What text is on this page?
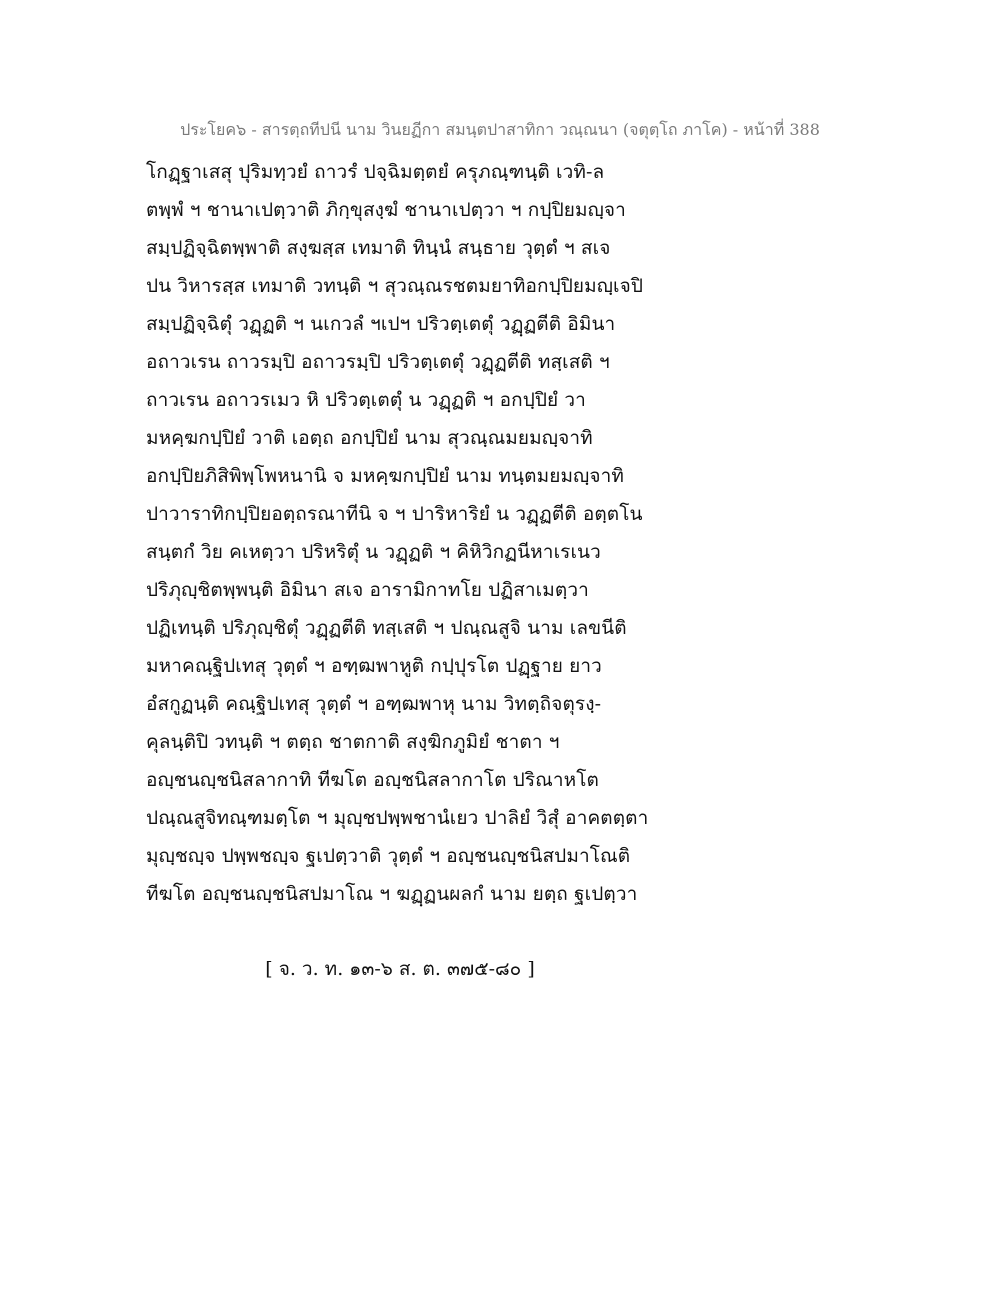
ประโยค๖ - สารตฺถทีปนี นาม วินยฏีกา สมนฺตปาสาทิกา วณฺณนา (จตุตฺโถ ภาโค) - หน้าที่ 388
โกฏฺฐาเสสุ ปุริมทฺวยํ ถาวรํ ปจฺฉิมตฺตยํ ครุภณฺฑนฺติ เวทิ-ล
ตพฺพํ ฯ ชานาเปตฺวาติ ภิกฺขุสงฺฆํ ชานาเปตฺวา ฯ กปฺปิยมญฺจา
สมฺปฏิจฺฉิตพฺพาติ สงฺฆสฺส เทมาติ ทินฺนํ สนฺธาย วุตฺตํ ฯ สเจ
ปน วิหารสฺส เทมาติ วทนฺติ ฯ สุวณฺณรชตมยาทิอกปฺปิยมญฺเจปิ
สมฺปฏิจฺฉิตุํ วฏฺฏติ ฯ นเกวลํ ฯเปฯ ปริวตฺเตตุํ วฏฺฏตีติ อิมินา
อถาวเรน ถาวรมฺปิ อถาวรมฺปิ ปริวตฺเตตุํ วฏฺฏตีติ ทสฺเสติ ฯ
ถาวเรน อถาวรเมว หิ ปริวตฺเตตุํ น วฏฺฏติ ฯ อกปฺปิยํ วา
มหคฺฆกปฺปิยํ วาติ เอตฺถ อกปฺปิยํ นาม สุวณฺณมยมญฺจาทิ
อกปฺปิยภิสิพิพฺโพหนานิ จ มหคฺฆกปฺปิยํ นาม ทนฺตมยมญฺจาทิ
ปาวาราทิกปฺปิยอตฺถรณาทีนิ จ ฯ ปาริหาริยํ น วฏฺฏตีติ อตฺตโน
สนฺตกํ วิย คเหตฺวา ปริหริตุํ น วฏฺฏติ ฯ คิหิวิกฏนีหาเรเนว
ปริภุญฺชิตพฺพนฺติ อิมินา สเจ อารามิกาทโย ปฏิสาเมตฺวา
ปฏิเทนฺติ ปริภุญฺชิตุํ วฏฺฏตีติ ทสฺเสติ ฯ ปณฺณสูจิ นาม เลขนีติ
มหาคณฺฐิปเทสุ วุตฺตํ ฯ อฑฺฒพาหูติ กปฺปุรโต ปฏฺฐาย ยาว
อํสกูฏนฺติ คณฺฐิปเทสุ วุตฺตํ ฯ อฑฺฒพาหุ นาม วิทตฺถิจตุรงฺ-
คุลนฺติปิ วทนฺติ ฯ ตตฺถ ชาตกาติ สงฺฆิกภูมิยํ ชาตา ฯ
อญฺชนญฺชนิสลากาทิ ทีฆโต อญฺชนิสลากาโต ปริณาหโต
ปณฺณสูจิทณฺฑมตฺโต ฯ มุญฺชปพฺพชานํเยว ปาลิยํ วิสุํ อาคตตฺตา
มุญฺชญฺจ ปพฺพชญฺจ ฐเปตฺวาติ วุตฺตํ ฯ อญฺชนญฺชนิสปมาโณติ
ทีฆโต อญฺชนญฺชนิสปมาโณ ฯ ฆฏฺฏนผลกํ นาม ยตฺถ ฐเปตฺวา
[ จ. ว. ท. ๑๓-๖ ส. ต. ๓๗๕-๘๐ ]
